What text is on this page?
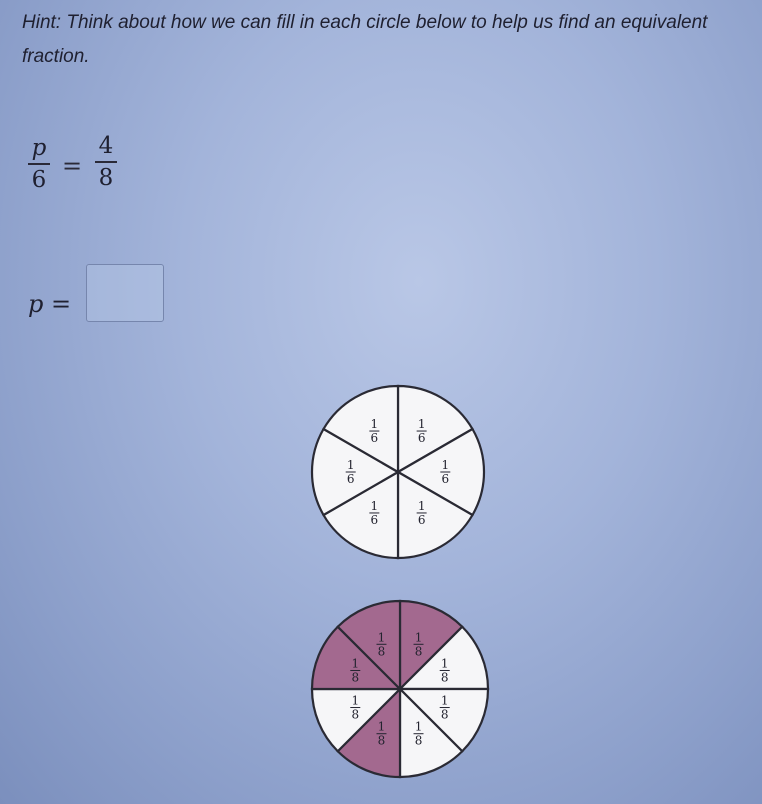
Hint: Think about how we can fill in each circle below to help us find an equivalent fraction.
p
6 =
4
8
p =
1
6
1
6
1
6
1
6
1
6
1
6
1
8
1
8
1
8
1
8
1
8
1
8
1
8
1
8
